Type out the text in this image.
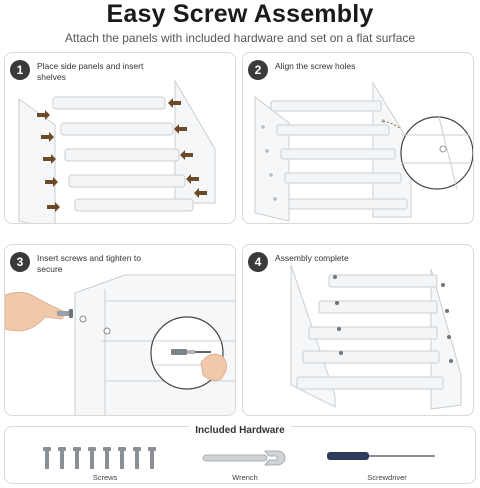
Easy Screw Assembly
Attach the panels with included hardware and set on a flat surface
1	Place side panels and insert shelves	2	Align the screw holes
3	Insert screws and tighten to secure	4	Assembly complete
Included Hardware
Screws	Wrench	Screwdriver
